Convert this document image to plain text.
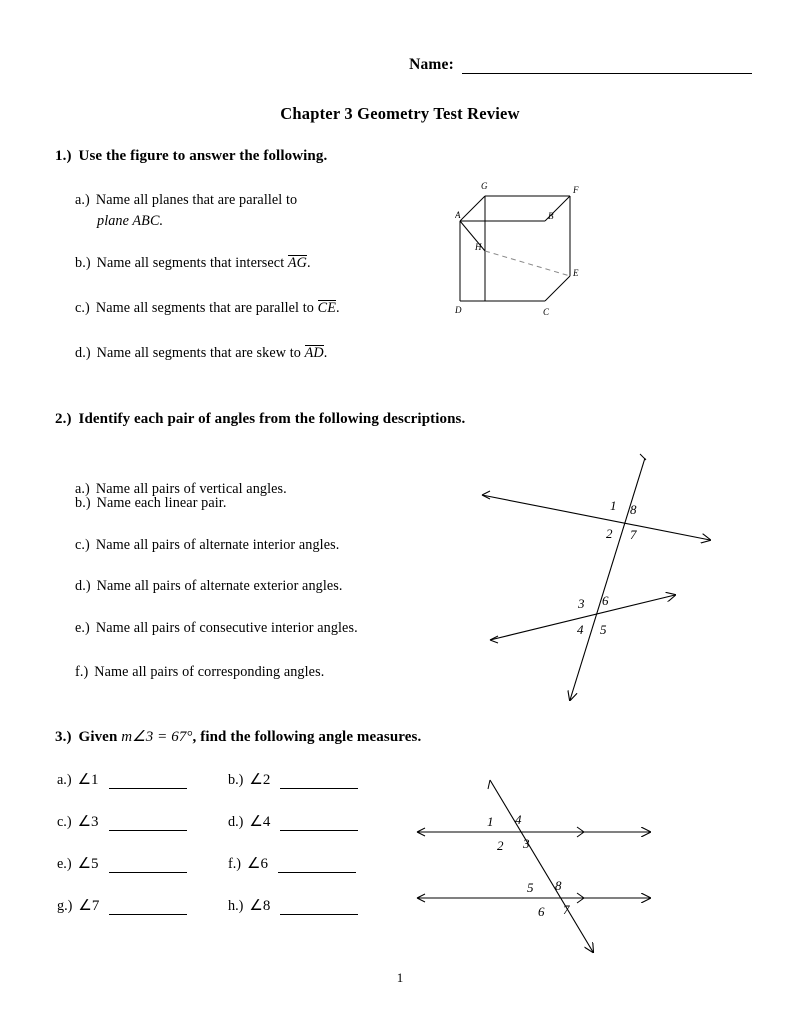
Name:
Chapter 3 Geometry Test Review
1.) Use the figure to answer the following.
a.) Name all planes that are parallel to
plane ABC.
b.) Name all segments that intersect AG.
c.) Name all segments that are parallel to CE.
d.) Name all segments that are skew to AD.
G	F
A	B
H
E
D	C
2.) Identify each pair of angles from the following descriptions.
a.) Name all pairs of vertical angles.
b.) Name each linear pair.
c.) Name all pairs of alternate interior angles.
d.) Name all pairs of alternate exterior angles.
e.) Name all pairs of consecutive interior angles.
f.) Name all pairs of corresponding angles.
1 8
2 7
3 6
4 5
3.) Given m∠3 = 67°, find the following angle measures.
a.) ∠1	b.) ∠2
c.) ∠3	d.) ∠4
e.) ∠5	f.) ∠6
g.) ∠7	h.) ∠8
1 4
2 3
5 8
6 7
1
